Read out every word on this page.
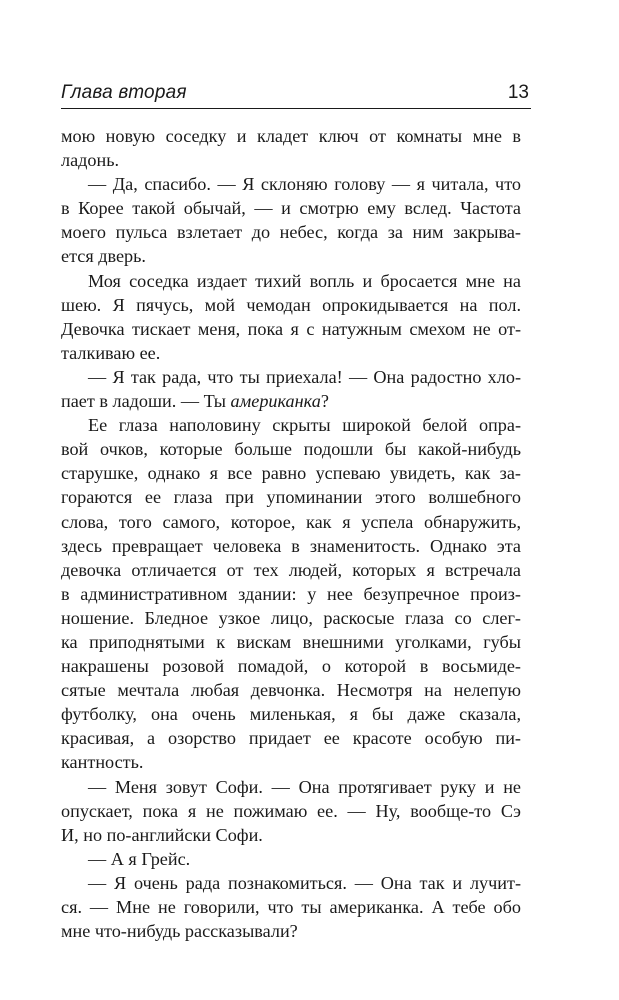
Глава вторая	13

мою новую соседку и кладет ключ от комнаты мне в
ладонь.

— Да, спасибо. — Я склоняю голову — я читала, что
в Корее такой обычай, — и смотрю ему вслед. Частота
моего пульса взлетает до небес, когда за ним закрыва-
ется дверь.

Моя соседка издает тихий вопль и бросается мне на
шею. Я пячусь, мой чемодан опрокидывается на пол.
Девочка тискает меня, пока я с натужным смехом не от-
талкиваю ее.

— Я так рада, что ты приехала! — Она радостно хло-
пает в ладоши. — Ты американка?

Ее глаза наполовину скрыты широкой белой опра-
вой очков, которые больше подошли бы какой-нибудь
старушке, однако я все равно успеваю увидеть, как за-
гораются ее глаза при упоминании этого волшебного
слова, того самого, которое, как я успела обнаружить,
здесь превращает человека в знаменитость. Однако эта
девочка отличается от тех людей, которых я встречала
в административном здании: у нее безупречное произ-
ношение. Бледное узкое лицо, раскосые глаза со слег-
ка приподнятыми к вискам внешними уголками, губы
накрашены розовой помадой, о которой в восьмиде-
сятые мечтала любая девчонка. Несмотря на нелепую
футболку, она очень миленькая, я бы даже сказала,
красивая, а озорство придает ее красоте особую пи-
кантность.

— Меня зовут Софи. — Она протягивает руку и не
опускает, пока я не пожимаю ее. — Ну, вообще-то Сэ
И, но по-английски Софи.

— А я Грейс.

— Я очень рада познакомиться. — Она так и лучит-
ся. — Мне не говорили, что ты американка. А тебе обо
мне что-нибудь рассказывали?
